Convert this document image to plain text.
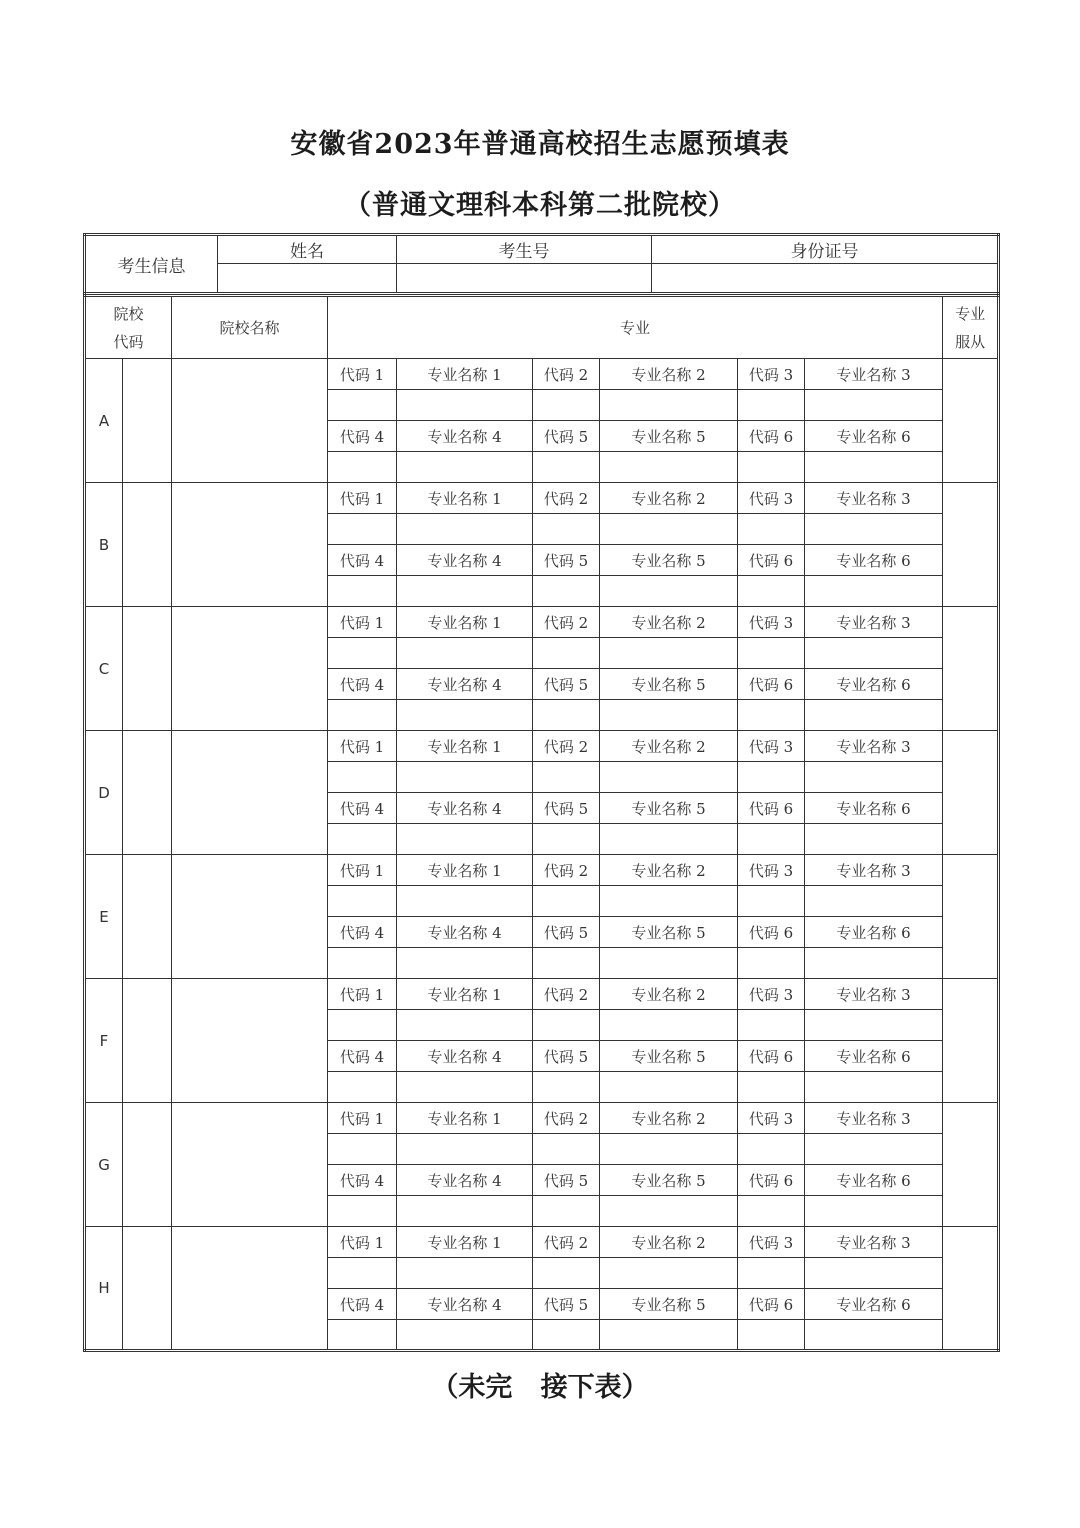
安徽省2023年普通高校招生志愿预填表
（普通文理科本科第二批院校）
考生信息	姓名	考生号	身份证号

院校
代码		院校名称	专业						专业
服从

A			代码 1	专业名称 1	代码 2	专业名称 2	代码 3	专业名称 3	

			代码 4	专业名称 4	代码 5	专业名称 5	代码 6	专业名称 6	

B			代码 1	专业名称 1	代码 2	专业名称 2	代码 3	专业名称 3	

			代码 4	专业名称 4	代码 5	专业名称 5	代码 6	专业名称 6	

C			代码 1	专业名称 1	代码 2	专业名称 2	代码 3	专业名称 3	

			代码 4	专业名称 4	代码 5	专业名称 5	代码 6	专业名称 6	

D			代码 1	专业名称 1	代码 2	专业名称 2	代码 3	专业名称 3	

			代码 4	专业名称 4	代码 5	专业名称 5	代码 6	专业名称 6	

E			代码 1	专业名称 1	代码 2	专业名称 2	代码 3	专业名称 3	

			代码 4	专业名称 4	代码 5	专业名称 5	代码 6	专业名称 6	

F			代码 1	专业名称 1	代码 2	专业名称 2	代码 3	专业名称 3	

			代码 4	专业名称 4	代码 5	专业名称 5	代码 6	专业名称 6	

G			代码 1	专业名称 1	代码 2	专业名称 2	代码 3	专业名称 3	

			代码 4	专业名称 4	代码 5	专业名称 5	代码 6	专业名称 6	

H			代码 1	专业名称 1	代码 2	专业名称 2	代码 3	专业名称 3	

			代码 4	专业名称 4	代码 5	专业名称 5	代码 6	专业名称 6	

（未完   接下表）
